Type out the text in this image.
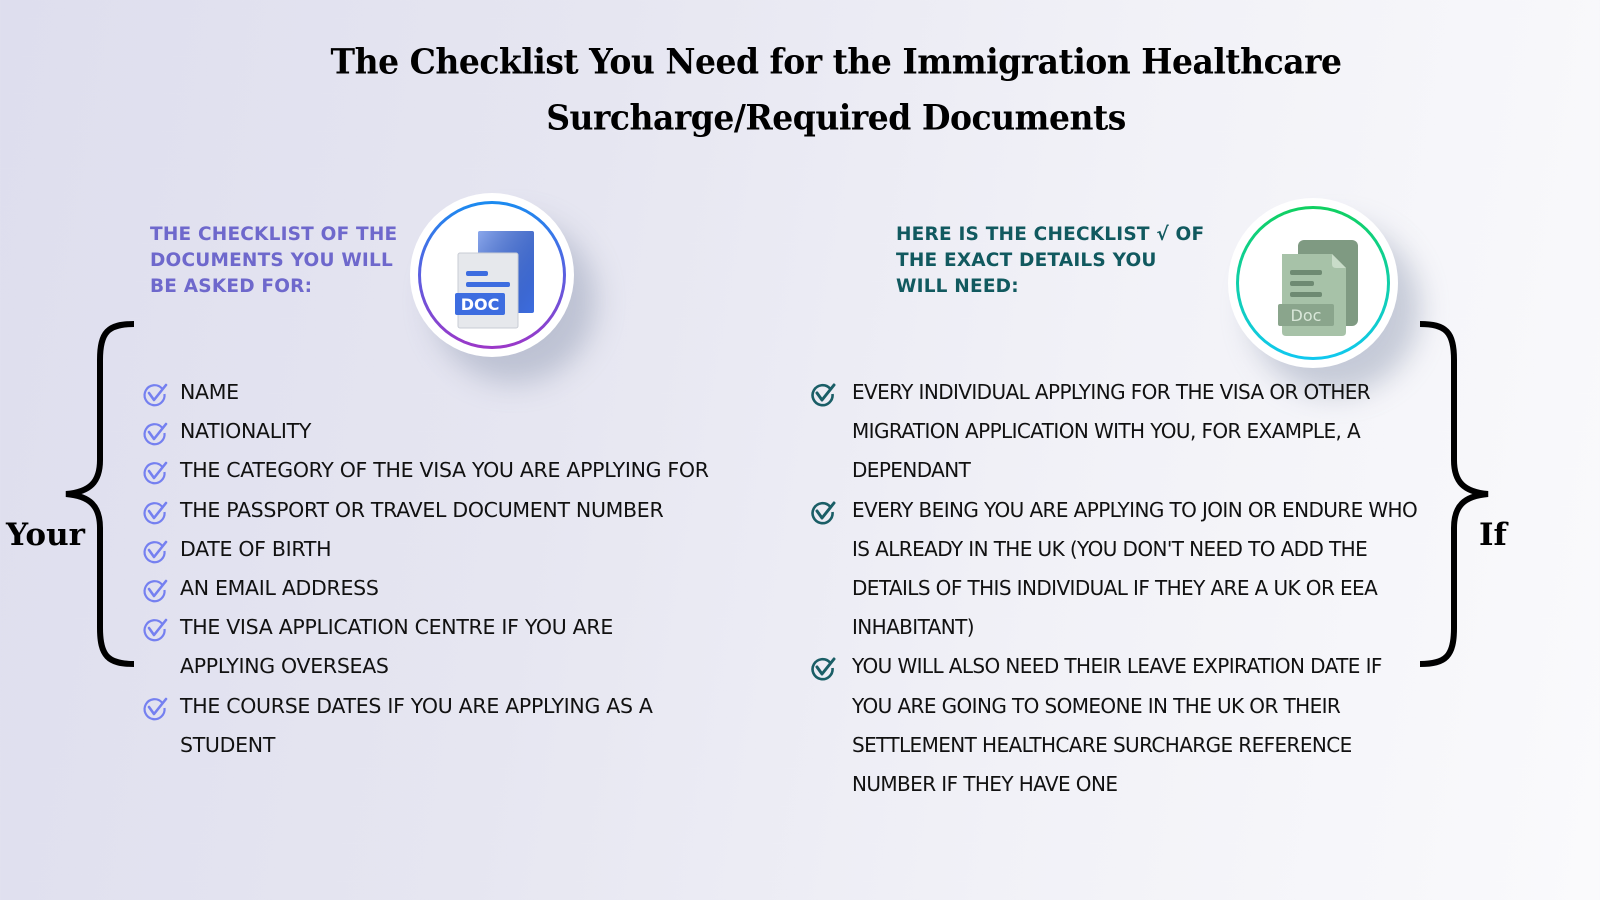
The Checklist You Need for the Immigration Healthcare
Surcharge/Required Documents
THE CHECKLIST OF THE DOCUMENTS YOU WILL BE ASKED FOR:
DOC
HERE IS THE CHECKLIST √ OF THE EXACT DETAILS YOU WILL NEED:
Doc
Your	If
NAME
NATIONALITY
THE CATEGORY OF THE VISA YOU ARE APPLYING FOR
THE PASSPORT OR TRAVEL DOCUMENT NUMBER
DATE OF BIRTH
AN EMAIL ADDRESS
THE VISA APPLICATION CENTRE IF YOU ARE APPLYING OVERSEAS
THE COURSE DATES IF YOU ARE APPLYING AS A STUDENT
EVERY INDIVIDUAL APPLYING FOR THE VISA OR OTHER MIGRATION APPLICATION WITH YOU, FOR EXAMPLE, A DEPENDANT
EVERY BEING YOU ARE APPLYING TO JOIN OR ENDURE WHO IS ALREADY IN THE UK (YOU DON'T NEED TO ADD THE DETAILS OF THIS INDIVIDUAL IF THEY ARE A UK OR EEA INHABITANT)
YOU WILL ALSO NEED THEIR LEAVE EXPIRATION DATE IF YOU ARE GOING TO SOMEONE IN THE UK OR THEIR SETTLEMENT HEALTHCARE SURCHARGE REFERENCE NUMBER IF THEY HAVE ONE
